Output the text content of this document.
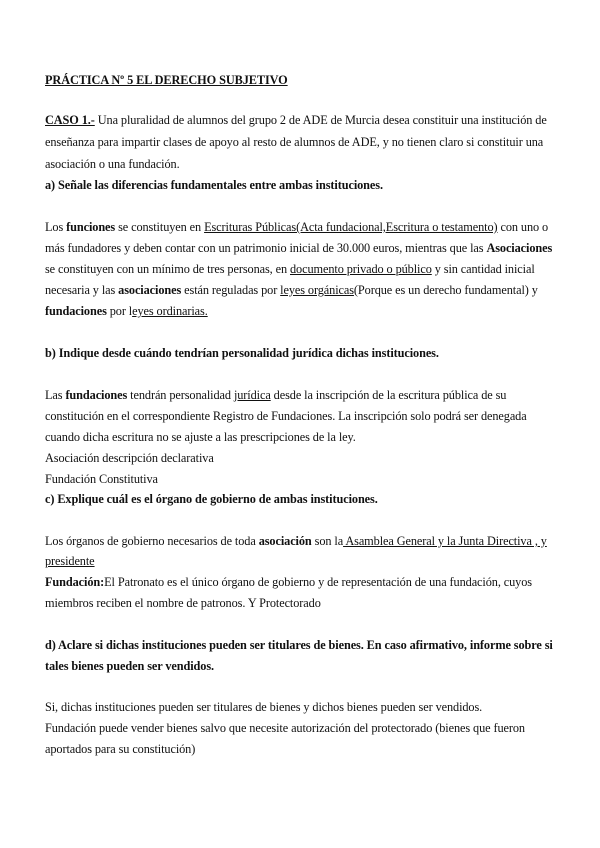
PRÁCTICA Nº 5 EL DERECHO SUBJETIVO
CASO 1.- Una pluralidad de alumnos del grupo 2 de ADE de Murcia desea constituir una institución de
enseñanza para impartir clases de apoyo al resto de alumnos de ADE, y no tienen claro si constituir una
asociación o una fundación.
a) Señale las diferencias fundamentales entre ambas instituciones.
Los funciones se constituyen en Escrituras Públicas(Acta fundacional,Escritura o testamento) con uno o
más fundadores y deben contar con un patrimonio inicial de 30.000 euros, mientras que las Asociaciones
se constituyen con un mínimo de tres personas, en documento privado o público y sin cantidad inicial
necesaria y las asociaciones están reguladas por leyes orgánicas(Porque es un derecho fundamental) y
fundaciones por leyes ordinarias.
b) Indique desde cuándo tendrían personalidad jurídica dichas instituciones.
Las fundaciones tendrán personalidad jurídica desde la inscripción de la escritura pública de su
constitución en el correspondiente Registro de Fundaciones. La inscripción solo podrá ser denegada
cuando dicha escritura no se ajuste a las prescripciones de la ley.
Asociación descripción declarativa
Fundación Constitutiva
c) Explique cuál es el órgano de gobierno de ambas instituciones.
Los órganos de gobierno necesarios de toda asociación son la Asamblea General y la Junta Directiva , y
presidente
Fundación:El Patronato es el único órgano de gobierno y de representación de una fundación, cuyos
miembros reciben el nombre de patronos. Y Protectorado
d) Aclare si dichas instituciones pueden ser titulares de bienes. En caso afirmativo, informe sobre si
tales bienes pueden ser vendidos.
Si, dichas instituciones pueden ser titulares de bienes y dichos bienes pueden ser vendidos.
Fundación puede vender bienes salvo que necesite autorización del protectorado (bienes que fueron
aportados para su constitución)
